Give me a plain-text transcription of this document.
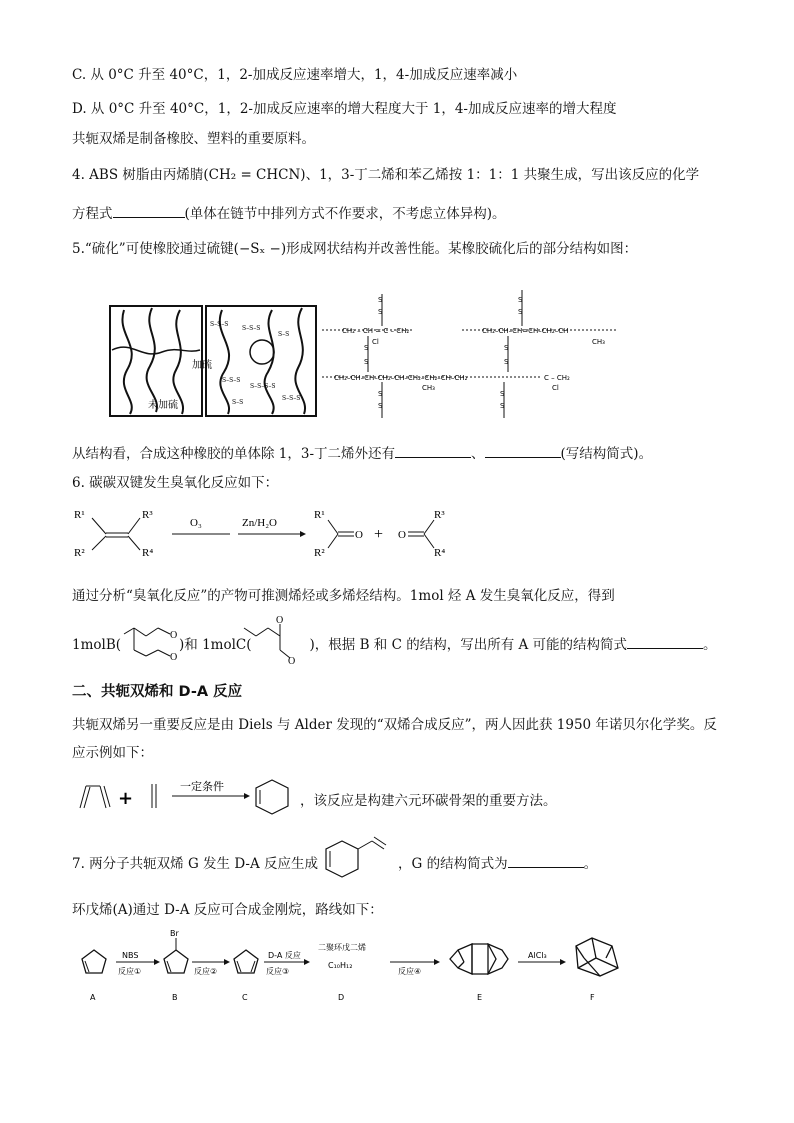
C. 从 0°C 升至 40°C，1，2-加成反应速率增大，1，4-加成反应速率减小
D. 从 0°C 升至 40°C，1，2-加成反应速率的增大程度大于 1，4-加成反应速率的增大程度
共轭双烯是制备橡胶、塑料的重要原料。
4. ABS 树脂由丙烯腈(CH₂ = CHCN)、1，3-丁二烯和苯乙烯按 1：1：1 共聚生成，写出该反应的化学
方程式	(单体在链节中排列方式不作要求，不考虑立体异构)。
5.“硫化”可使橡胶通过硫键(−Sₓ −)形成网状结构并改善性能。某橡胶硫化后的部分结构如图：
未加硫
S–S–S
S–S–S
S–S
S–S–S
S–S–S–S
S–S–S
S–S
加硫
CH₂ – CH = C – CH₂
Cl
S
S
CH₂–CH–CH=CH–CH₂–CH
CH₃
S
S
S
S
S
S
CH₂–CH–CH–CH₂–CH–CH₂–CH₂–CH–CH₂
CH₃
C – CH₂
Cl
S
S
S
S
从结构看，合成这种橡胶的单体除 1，3-丁二烯外还有	、	(写结构简式)。
6. 碳碳双键发生臭氧化反应如下：
R¹
R²
R³
R⁴
O₃	Zn/H₂O
R¹
R²
O + O
R³
R⁴
通过分析“臭氧化反应”的产物可推测烯烃或多烯烃结构。1mol 烃 A 发生臭氧化反应，得到
1molB(	)和 1molC(	)，根据 B 和 C 的结构，写出所有 A 可能的结构简式	。
O
O
O
O
二、共轭双烯和 D-A 反应
共轭双烯另一重要反应是由 Diels 与 Alder 发现的“双烯合成反应”，两人因此获 1950 年诺贝尔化学奖。反
应示例如下：
+
一定条件
，该反应是构建六元环碳骨架的重要方法。
7. 两分子共轭双烯 G 发生 D-A 反应生成	，G 的结构简式为	。
环戊烯(A)通过 D-A 反应可合成金刚烷，路线如下：
A
NBS
反应①
Br
B
反应②
C
D-A 反应
反应③
二聚环戊二烯
C₁₀H₁₂
D
反应④
E
AlCl₃
F
